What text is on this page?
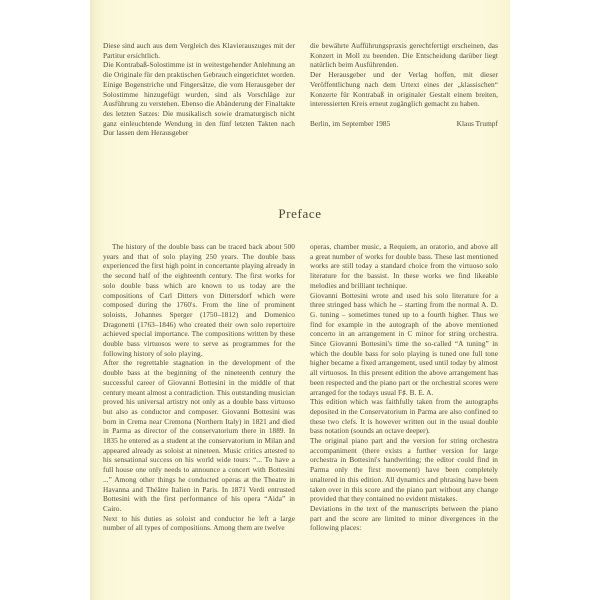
Diese sind auch aus dem Vergleich des Klavierauszuges mit der Partitur ersichtlich.

Die Kontrabaß-Solostimme ist in weitestgehender Anlehnung an die Originale für den praktischen Gebrauch eingerichtet worden. Einige Bogenstriche und Fingersätze, die vom Herausgeber der Solostimme hinzugefügt wurden, sind als Vorschläge zur Ausführung zu verstehen. Ebenso die Abänderung der Finaltakte des letzten Satzes: Die musikalisch sowie dramaturgisch nicht ganz einleuchtende Wendung in den fünf letzten Takten nach Dur lassen dem Herausgeber

die bewährte Aufführungspraxis gerechtfertigt erscheinen, das Konzert in Moll zu beenden. Die Entscheidung darüber liegt natürlich beim Ausführenden.

Der Herausgeber und der Verlag hoffen, mit dieser Veröffentlichung nach dem Urtext eines der „klassischen“ Konzerte für Kontrabaß in originaler Gestalt einem breiten, interessierten Kreis erneut zugänglich gemacht zu haben.

Berlin, im September 1985	Klaus Trumpf
Preface

The history of the double bass can be traced back about 500 years and that of solo playing 250 years. The double bass experienced the first high point in concertante playing already in the second half of the eighteenth century. The first works for solo double bass which are known to us today are the compositions of Carl Ditters von Dittersdorf which were composed during the 1760's. From the line of prominent soloists, Johannes Sperger (1750–1812) and Domenico Dragonetti (1763–1846) who created their own solo repertoire achieved special importance. The compositions written by these double bass virtuosos were to serve as programmes for the following history of solo playing.

After the regrettable stagnation in the development of the double bass at the beginning of the nineteenth century the successful career of Giovanni Bottesini in the middle of that century meant almost a contradiction. This outstanding musician proved his universal artistry not only as a double bass virtuoso but also as conductor and composer. Giovanni Bottesini was born in Crema near Cremona (Northern Italy) in 1821 and died in Parma as director of the conservatorium there in 1889. In 1835 he entered as a student at the conservatorium in Milan and appeared already as soloist at nineteen. Music critics attested to his sensational success on his world wide tours: “... To have a full house one only needs to announce a concert with Bottesini ...” Among other things he conducted operas at the Theatre in Havanna and Théâtre Italien in Paris. In 1871 Verdi entrusted Bottesini with the first performance of his opera “Aida” in Cairo.

Next to his duties as soloist and conductor he left a large number of all types of compositions. Among them are twelve

operas, chamber music, a Requiem, an oratorio, and above all a great number of works for double bass. These last mentioned works are still today a standard choice from the virtuoso solo literature for the bassist. In these works we find likeable melodies and brilliant technique.

Giovanni Bottesini wrote and used his solo literature for a three stringed bass which he – starting from the normal A. D. G. tuning – sometimes tuned up to a fourth higher. Thus we find for example in the autograph of the above mentioned concerto in an arrangement in C minor for string orchestra. Since Giovanni Bottesini's time the so-called “A tuning” in which the double bass for solo playing is tuned one full tone higher became a fixed arrangement, used until today by almost all virtuosos. In this present edition the above arrangement has been respected and the piano part or the orchestral scores were arranged for the todays usual F♯. B. E. A.

This edition which was faithfully taken from the autographs deposited in the Conservatorium in Parma are also confined to these two clefs. It is however written out in the usual double bass notation (sounds an octave deeper).

The original piano part and the version for string orchestra accompaniment (there exists a further version for large orchestra in Bottesini's handwriting; the editor could find in Parma only the first movement) have been completely unaltered in this edition. All dynamics and phrasing have been taken over in this score and the piano part without any change provided that they contained no evident mistakes.

Deviations in the text of the manuscripts between the piano part and the score are limited to minor divergences in the following places:
